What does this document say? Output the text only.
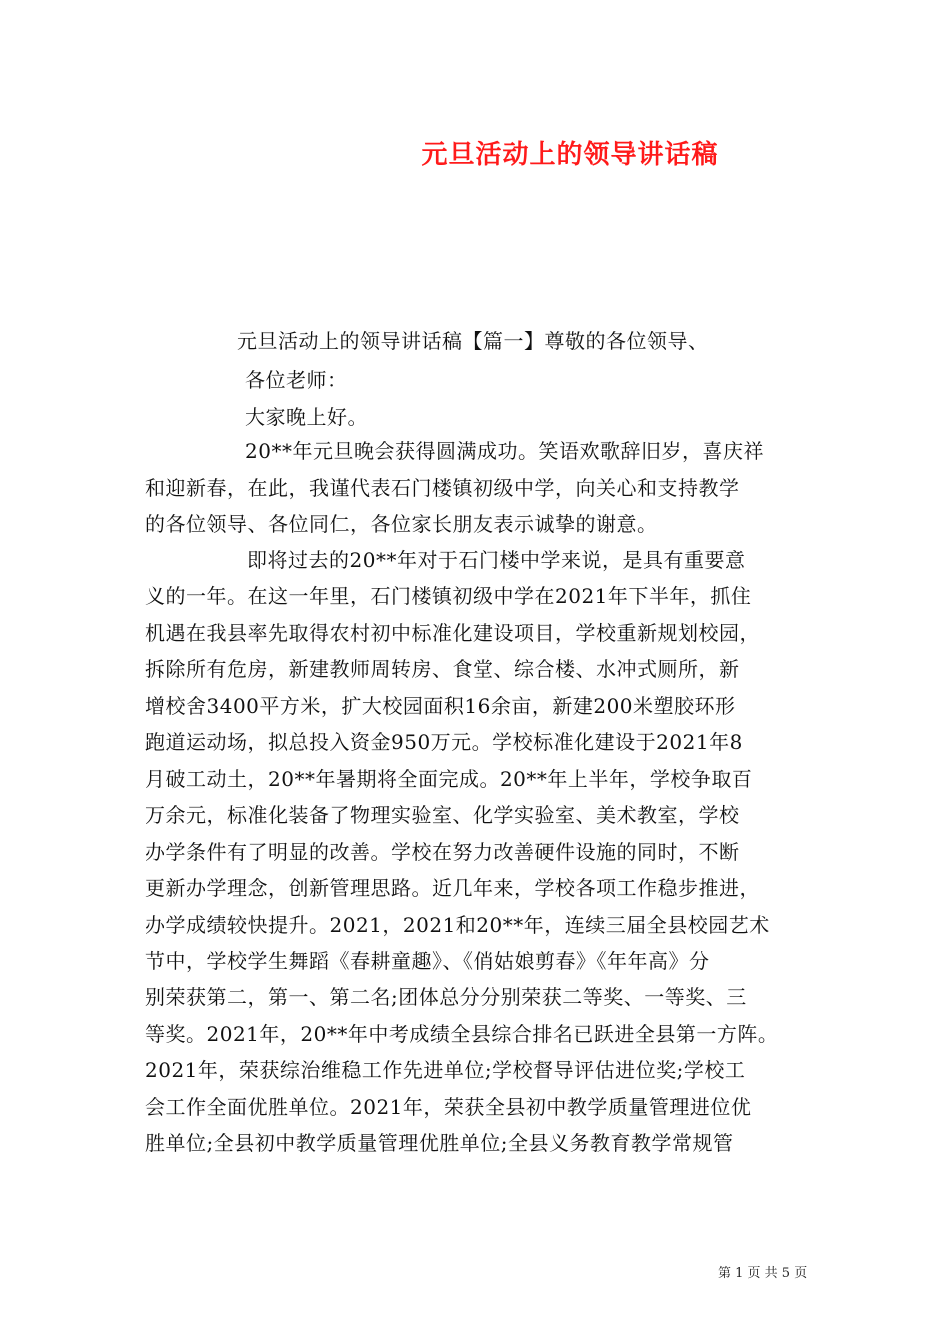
元旦活动上的领导讲话稿
元旦活动上的领导讲话稿【篇一】尊敬的各位领导、
各位老师：
大家晚上好。
20**年元旦晚会获得圆满成功。笑语欢歌辞旧岁，喜庆祥
和迎新春，在此，我谨代表石门楼镇初级中学，向关心和支持教学
的各位领导、各位同仁，各位家长朋友表示诚挚的谢意。
即将过去的20**年对于石门楼中学来说，是具有重要意
义的一年。在这一年里，石门楼镇初级中学在2021年下半年，抓住
机遇在我县率先取得农村初中标准化建设项目，学校重新规划校园，
拆除所有危房，新建教师周转房、食堂、综合楼、水冲式厕所，新
增校舍3400平方米，扩大校园面积16余亩，新建200米塑胶环形
跑道运动场，拟总投入资金950万元。学校标准化建设于2021年8
月破工动土，20**年暑期将全面完成。20**年上半年，学校争取百
万余元，标准化装备了物理实验室、化学实验室、美术教室，学校
办学条件有了明显的改善。学校在努力改善硬件设施的同时，不断
更新办学理念，创新管理思路。近几年来，学校各项工作稳步推进，
办学成绩较快提升。2021，2021和20**年，连续三届全县校园艺术
节中，学校学生舞蹈《春耕童趣》、《俏姑娘剪春》《年年高》分
别荣获第二，第一、第二名;团体总分分别荣获二等奖、一等奖、三
等奖。2021年，20**年中考成绩全县综合排名已跃进全县第一方阵。
2021年，荣获综治维稳工作先进单位;学校督导评估进位奖;学校工
会工作全面优胜单位。2021年，荣获全县初中教学质量管理进位优
胜单位;全县初中教学质量管理优胜单位;全县义务教育教学常规管
第 1 页 共 5 页
